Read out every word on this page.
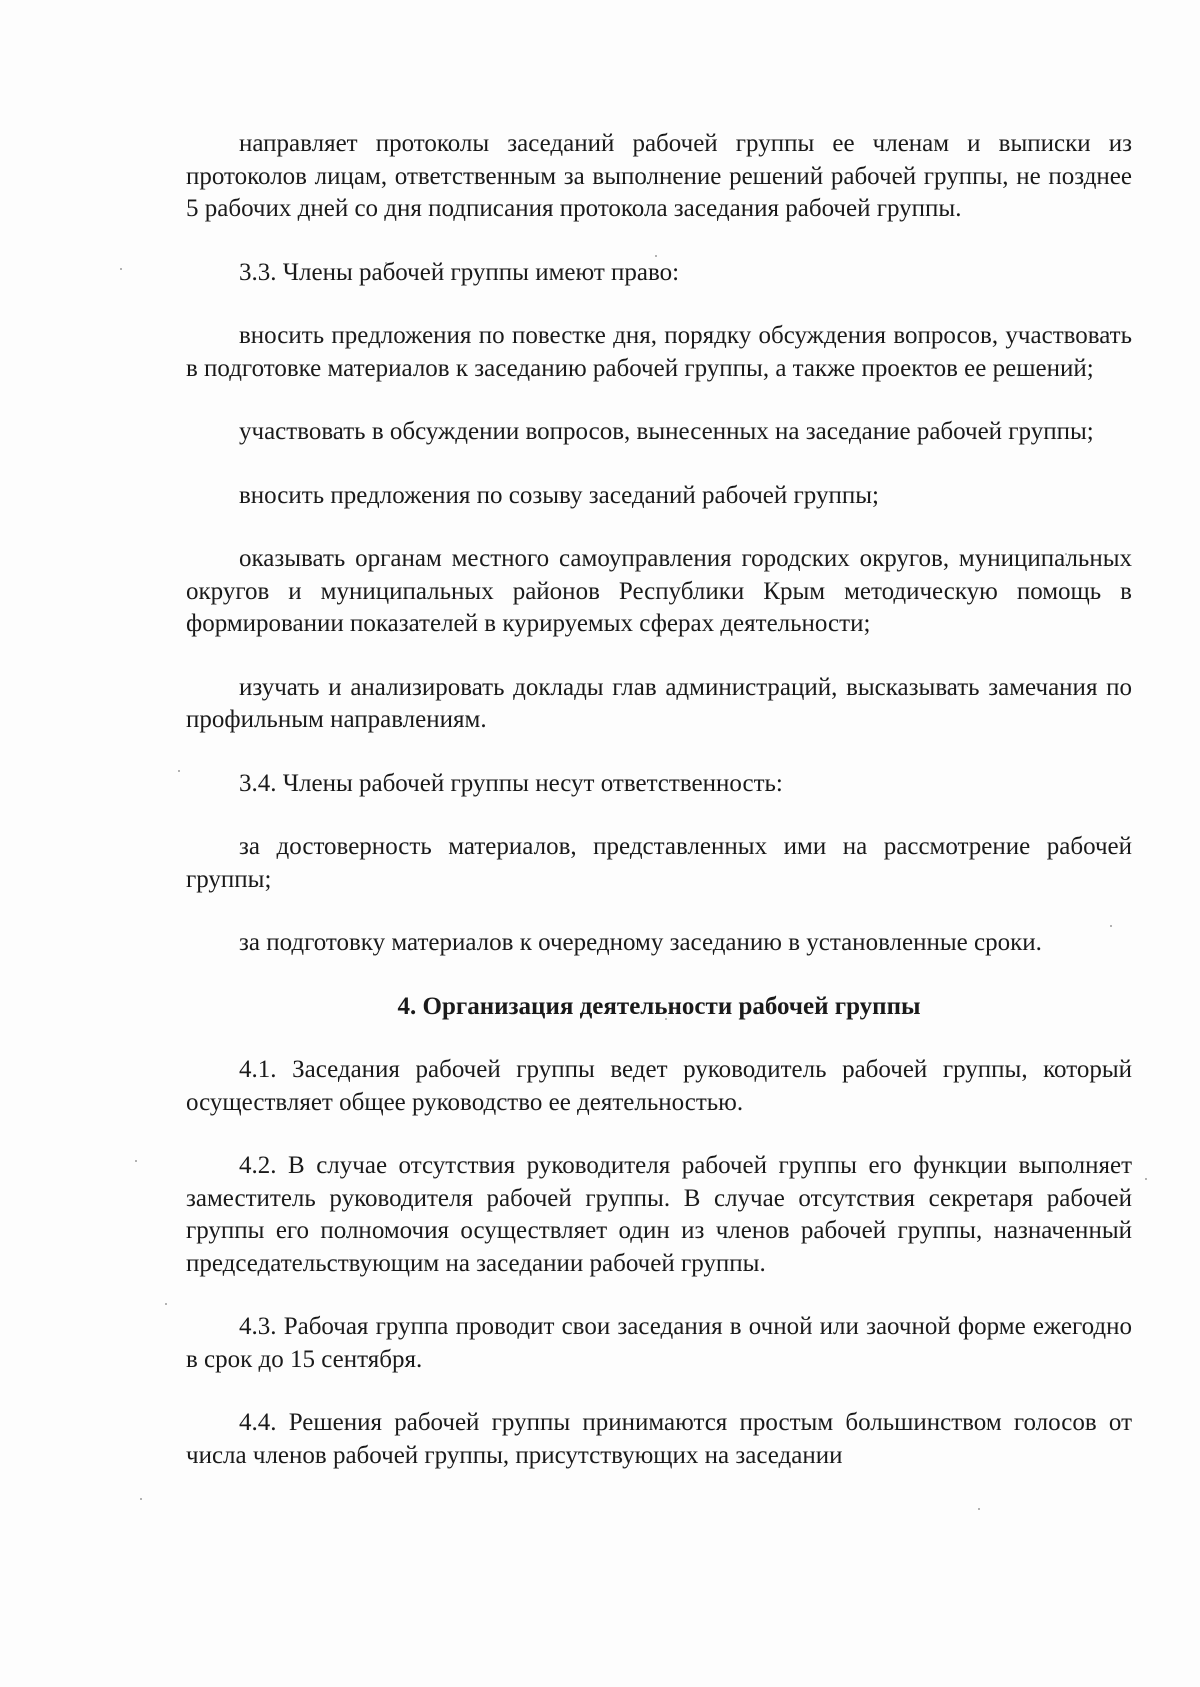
направляет протоколы заседаний рабочей группы ее членам и выписки из протоколов лицам, ответственным за выполнение решений рабочей группы, не позднее 5 рабочих дней со дня подписания протокола заседания рабочей группы.

3.3. Члены рабочей группы имеют право:

вносить предложения по повестке дня, порядку обсуждения вопросов, участвовать в подготовке материалов к заседанию рабочей группы, а также проектов ее решений;

участвовать в обсуждении вопросов, вынесенных на заседание рабочей группы;

вносить предложения по созыву заседаний рабочей группы;

оказывать органам местного самоуправления городских округов, муниципальных округов и муниципальных районов Республики Крым методическую помощь в формировании показателей в курируемых сферах деятельности;

изучать и анализировать доклады глав администраций, высказывать замечания по профильным направлениям.

3.4. Члены рабочей группы несут ответственность:

за достоверность материалов, представленных ими на рассмотрение рабочей группы;

за подготовку материалов к очередному заседанию в установленные сроки.

4. Организация деятельности рабочей группы

4.1. Заседания рабочей группы ведет руководитель рабочей группы, который осуществляет общее руководство ее деятельностью.

4.2. В случае отсутствия руководителя рабочей группы его функции выполняет заместитель руководителя рабочей группы. В случае отсутствия секретаря рабочей группы его полномочия осуществляет один из членов рабочей группы, назначенный председательствующим на заседании рабочей группы.

4.3. Рабочая группа проводит свои заседания в очной или заочной форме ежегодно в срок до 15 сентября.

4.4. Решения рабочей группы принимаются простым большинством голосов от числа членов рабочей группы, присутствующих на заседании
